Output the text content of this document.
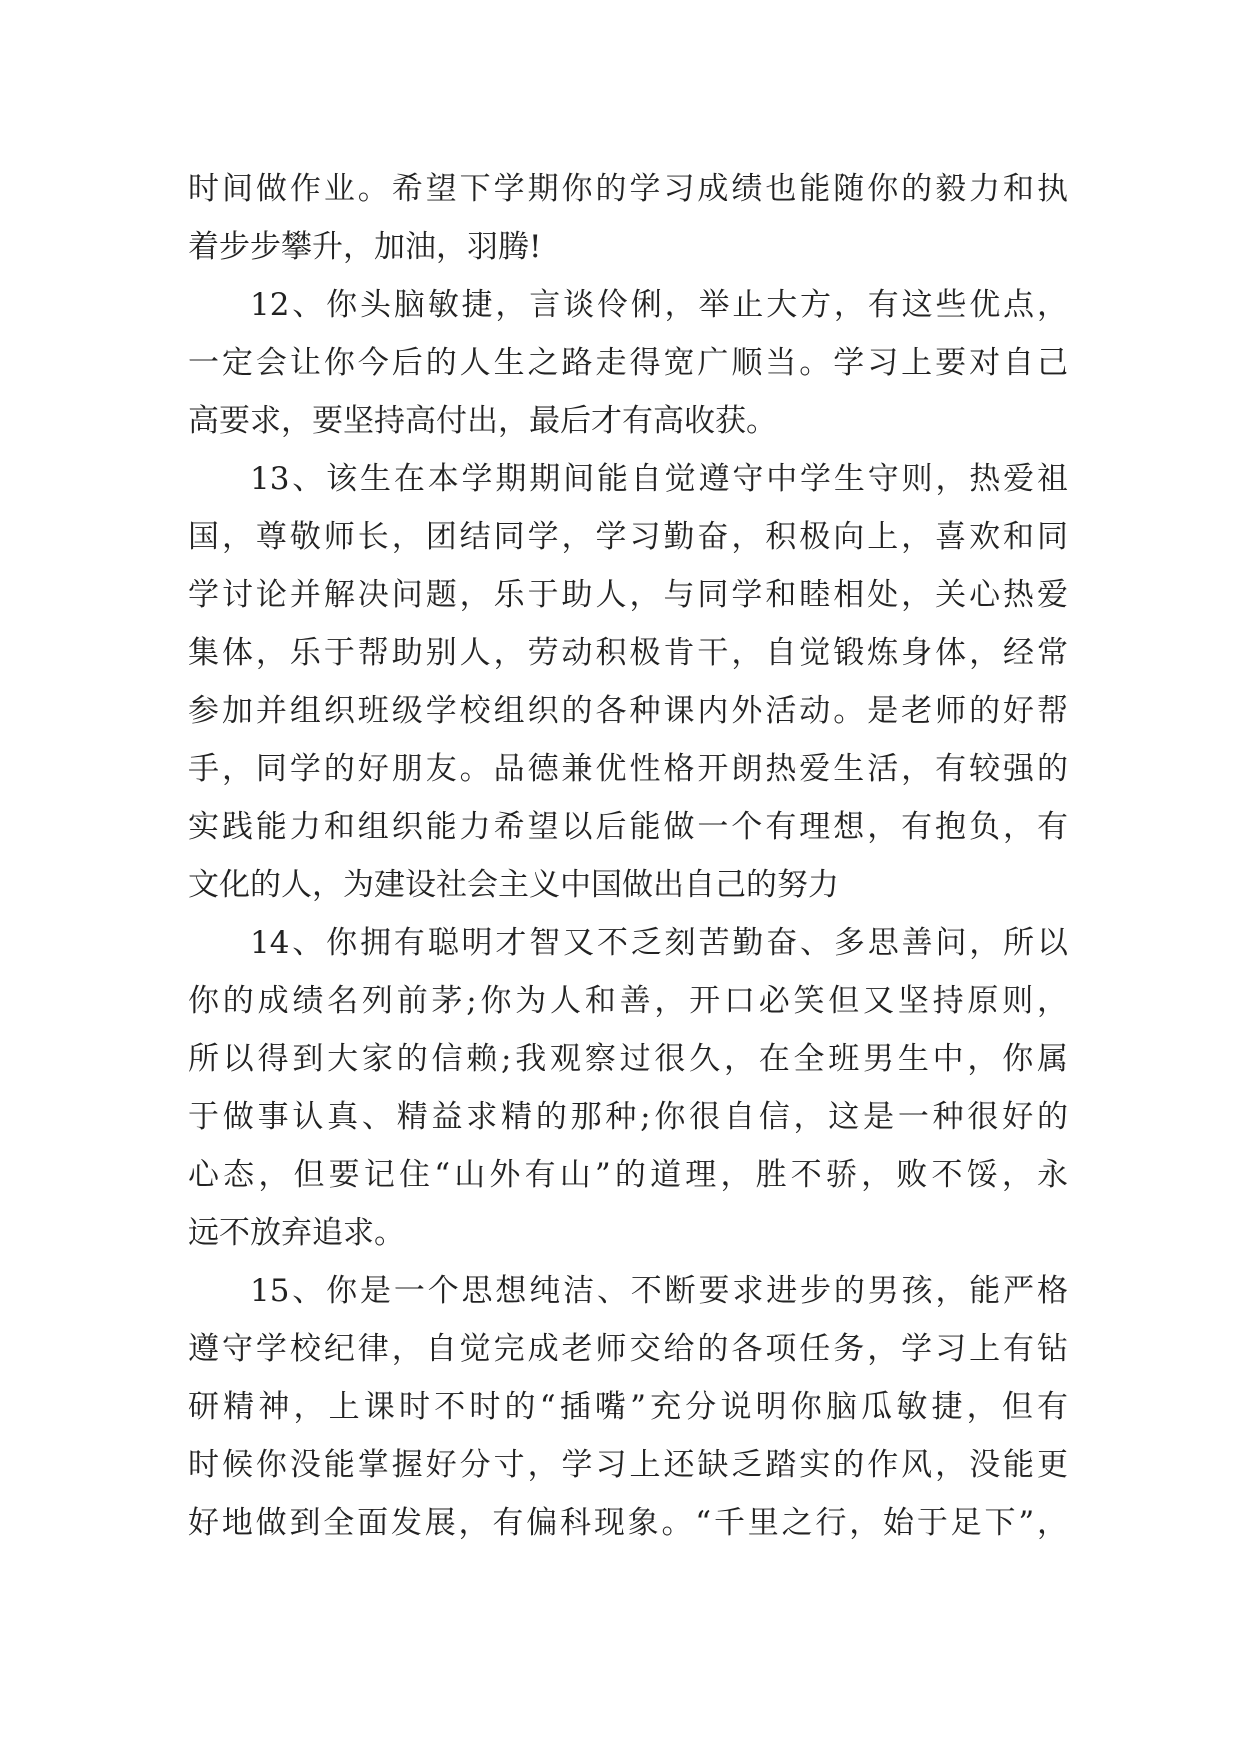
时间做作业。希望下学期你的学习成绩也能随你的毅力和执
着步步攀升，加油，羽腾!
12、你头脑敏捷，言谈伶俐，举止大方，有这些优点，
一定会让你今后的人生之路走得宽广顺当。学习上要对自己
高要求，要坚持高付出，最后才有高收获。
13、该生在本学期期间能自觉遵守中学生守则，热爱祖
国，尊敬师长，团结同学，学习勤奋，积极向上，喜欢和同
学讨论并解决问题，乐于助人，与同学和睦相处，关心热爱
集体，乐于帮助别人，劳动积极肯干，自觉锻炼身体，经常
参加并组织班级学校组织的各种课内外活动。是老师的好帮
手，同学的好朋友。品德兼优性格开朗热爱生活，有较强的
实践能力和组织能力希望以后能做一个有理想，有抱负，有
文化的人，为建设社会主义中国做出自己的努力
14、你拥有聪明才智又不乏刻苦勤奋、多思善问，所以
你的成绩名列前茅;你为人和善，开口必笑但又坚持原则，
所以得到大家的信赖;我观察过很久，在全班男生中，你属
于做事认真、精益求精的那种;你很自信，这是一种很好的
心态，但要记住“山外有山”的道理，胜不骄，败不馁，永
远不放弃追求。
15、你是一个思想纯洁、不断要求进步的男孩，能严格
遵守学校纪律，自觉完成老师交给的各项任务，学习上有钻
研精神，上课时不时的“插嘴”充分说明你脑瓜敏捷，但有
时候你没能掌握好分寸，学习上还缺乏踏实的作风，没能更
好地做到全面发展，有偏科现象。“千里之行，始于足下”，
